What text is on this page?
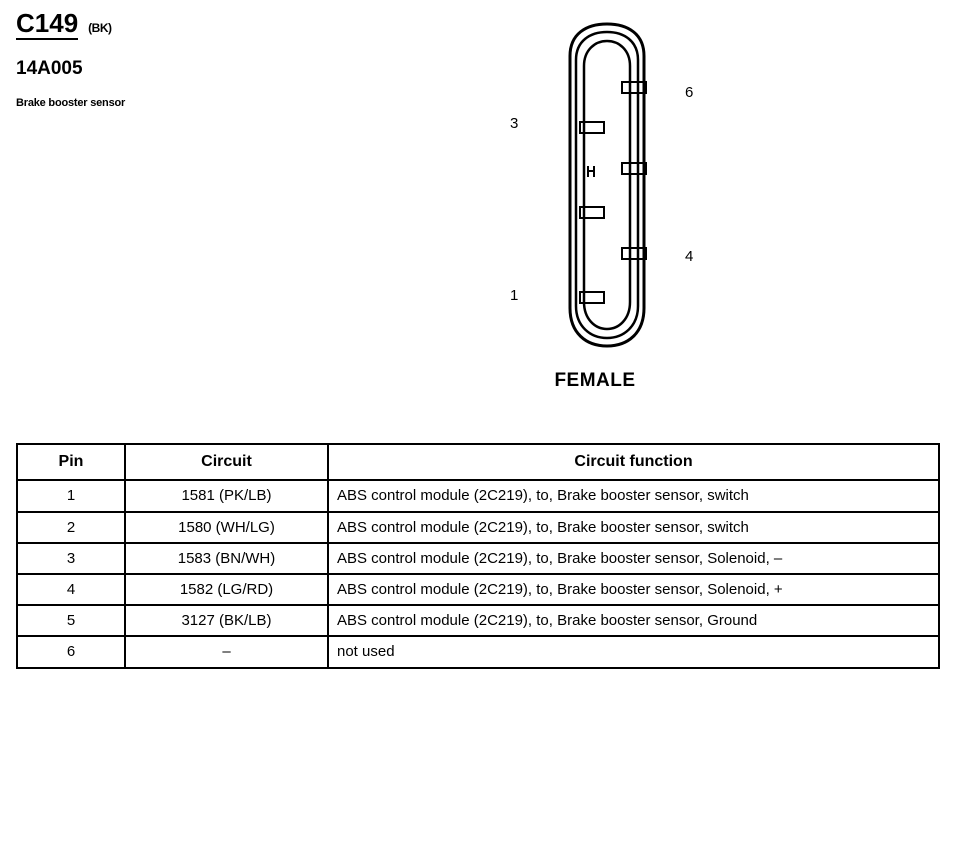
C149 (BK)
14A005
Brake booster sensor
3
1
6
4
FEMALE
Pin	Circuit	Circuit function
1	1581 (PK/LB)	ABS control module (2C219), to, Brake booster sensor, switch
2	1580 (WH/LG)	ABS control module (2C219), to, Brake booster sensor, switch
3	1583 (BN/WH)	ABS control module (2C219), to, Brake booster sensor, Solenoid, –
4	1582 (LG/RD)	ABS control module (2C219), to, Brake booster sensor, Solenoid, +
5	3127 (BK/LB)	ABS control module (2C219), to, Brake booster sensor, Ground
6	–	not used
